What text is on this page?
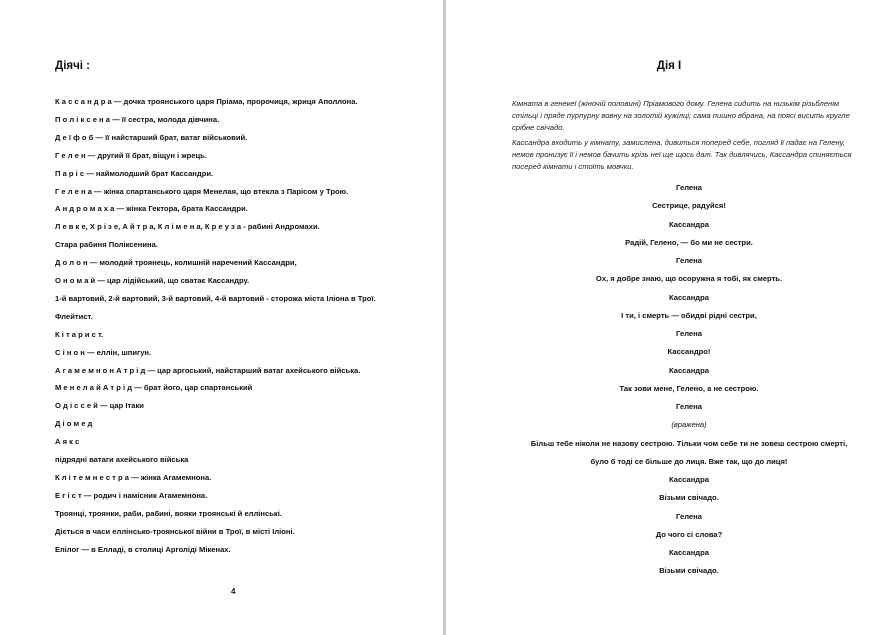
Діячі :
К а с с а н д р а — дочка троянського царя Пріама, пророчиця, жриця Аполлона.
П о л і к с е н а — її сестра, молода дівчина.
Д е ї ф о б — її найстарший брат, ватаг військовий.
Г е л е н — другий її брат, віщун і жрець.
П а р і с — наймолодший брат Кассандри.
Г е л е н а — жінка спартанського царя Менелая, що втекла з Парісом у Трою.
А н д р о м а х а — жінка Гектора, брата Кассандри.
Л е в к е, Х р і з е, А й т р а, К л і м е н а, К р е у з а - рабині Андромахи.
Стара рабиня Поліксенина.
Д о л о н — молодий троянець, колишній наречений Кассандри,
О н о м а й — цар лідійський, що сватає Кассандру.
1-й вартовий, 2-й вартовий, 3-й вартовий, 4-й вартовий - сторожа міста Іліона в Трої.
Флейтист.
К і т а р и с т.
С і н о н — еллін, шпигун.
А г а м е м н о н А т р і д — цар аргоський, найстарший ватаг ахейського війська.
М е н е л а й А т р і д — брат його, цар спартанський
О д і с с е й — цар Ітаки
Д і о м е д
А я к с
підрядні ватаги ахейського війська
К л і т е м н е с т р а — жінка Агамемнона.
Е г і с т — родич і намісник Агамемнона.
Троянці, троянки, раби, рабині, вояки троянські й еллінські.
Діється в часи еллінсько-троянської війни в Трої, в місті Іліоні.
Епілог — в Елладі, в столиці Арголіді Мікенах.
4
Дія І
Кімната в генекеї (жіночій половині) Пріамового дому. Гелена сидить на низькім різьбленім стільці і пряде пурпурну вовну на золотій кужілці; сама пишно вбрана, на поясі висить кругле срібне свічадо.
Кассандра входить у кімнату, замислена, дивиться поперед себе, погляд її падає на Гелену, немов пронизує її і немов бачить крізь неї ще щось далі. Так дивлячись, Кассандра спиняється посеред кімнати і стоїть мовчки.
Гелена
Сестрице, радуйся!
Кассандра
Радій, Гелено, — бо ми не сестри.
Гелена
Ох, я добре знаю, що осоружна я тобі, як смерть.
Кассандра
І ти, і смерть — обидві рідні сестри,
Гелена
Кассандро!
Кассандра
Так зови мене, Гелено, а не сестрою.
Гелена
(вражена)
Більш тебе ніколи не назову сестрою. Тільки чом себе ти не зовеш сестрою смерті,
було б тоді се більше до лиця. Вже так, що до лиця!
Кассандра
Візьми свічадо.
Гелена
До чого сі слова?
Кассандра
Візьми свічадо.
